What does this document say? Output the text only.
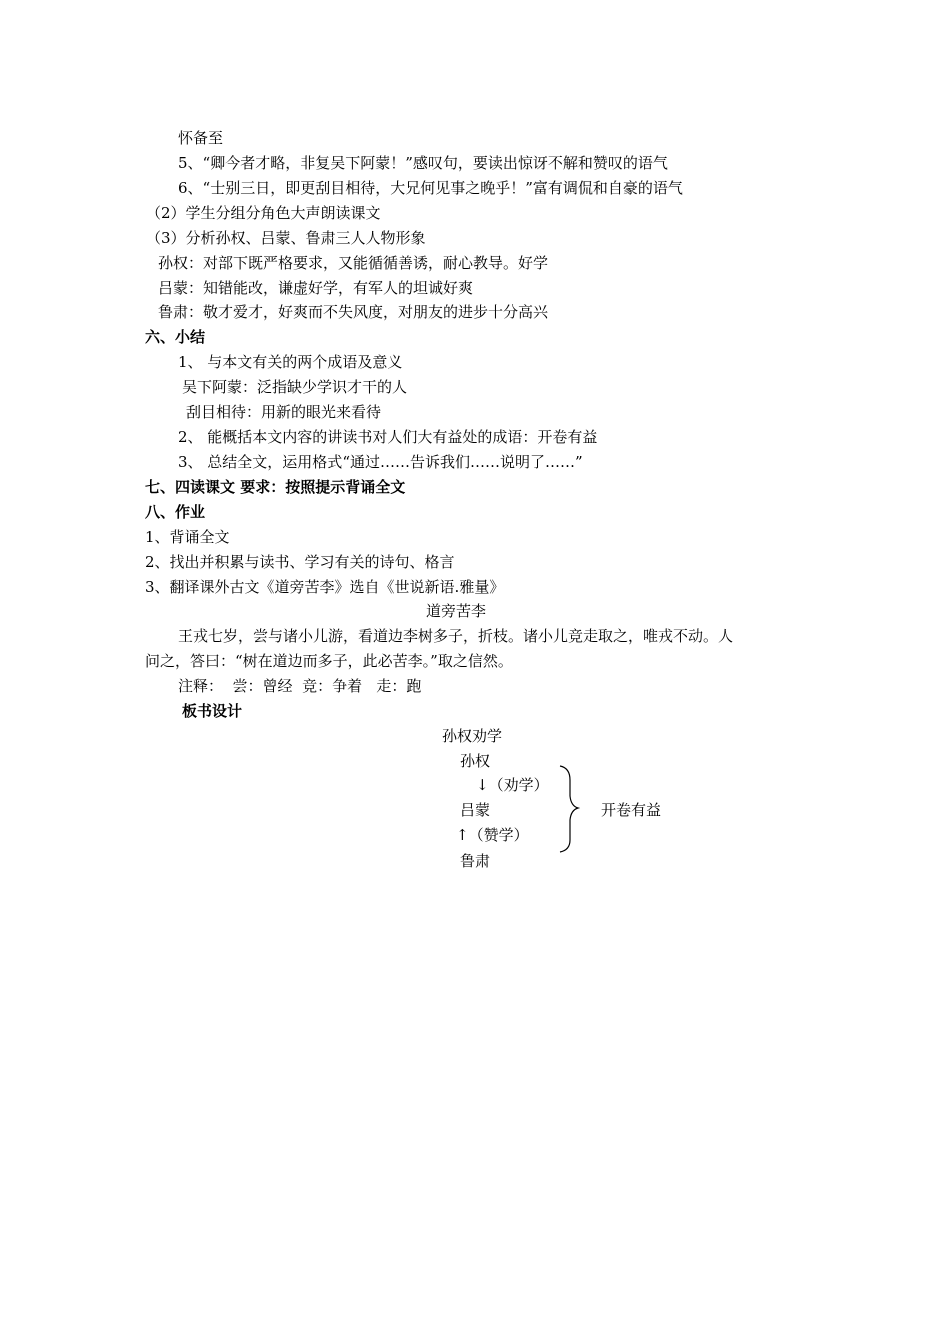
怀备至
5、“卿今者才略，非复吴下阿蒙！”感叹句，要读出惊讶不解和赞叹的语气
6、“士别三日，即更刮目相待，大兄何见事之晚乎！”富有调侃和自豪的语气
（2）学生分组分角色大声朗读课文
（3）分析孙权、吕蒙、鲁肃三人人物形象
孙权：对部下既严格要求，又能循循善诱，耐心教导。好学
吕蒙：知错能改，谦虚好学，有军人的坦诚好爽
鲁肃：敬才爱才，好爽而不失风度，对朋友的进步十分高兴
六、小结
1、 与本文有关的两个成语及意义
吴下阿蒙：泛指缺少学识才干的人
刮目相待：用新的眼光来看待
2、 能概括本文内容的讲读书对人们大有益处的成语：开卷有益
3、 总结全文，运用格式“通过……告诉我们……说明了……”
七、四读课文 要求：按照提示背诵全文
八、作业
1、背诵全文
2、找出并积累与读书、学习有关的诗句、格言
3、翻译课外古文《道旁苦李》选自《世说新语.雅量》
道旁苦李
王戎七岁，尝与诸小儿游，看道边李树多子，折枝。诸小儿竞走取之，唯戎不动。人
问之，答曰：“树在道边而多子，此必苦李。”取之信然。
注释：  尝：曾经  竞：争着   走：跑
板书设计
孙权劝学
孙权
↓（劝学）
吕蒙
↑（赞学）
鲁肃
开卷有益
